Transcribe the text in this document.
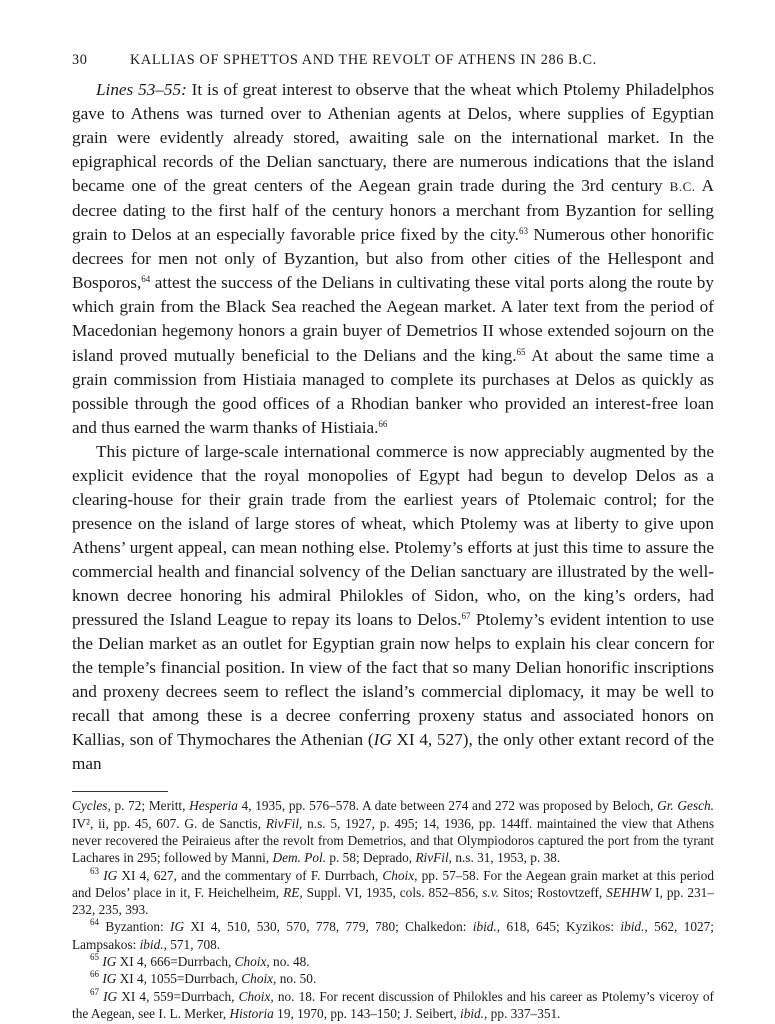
30	KALLIAS OF SPHETTOS AND THE REVOLT OF ATHENS IN 286 B.C.

Lines 53–55: It is of great interest to observe that the wheat which Ptolemy Philadelphos gave to Athens was turned over to Athenian agents at Delos, where supplies of Egyptian grain were evidently already stored, awaiting sale on the international market. In the epigraphical records of the Delian sanctuary, there are numerous indications that the island became one of the great centers of the Aegean grain trade during the 3rd century B.C. A decree dating to the first half of the century honors a merchant from Byzantion for selling grain to Delos at an especially favorable price fixed by the city.$^{63}$ Numerous other honorific decrees for men not only of Byzantion, but also from other cities of the Hellespont and Bosporos,$^{64}$ attest the success of the Delians in cultivating these vital ports along the route by which grain from the Black Sea reached the Aegean market. A later text from the period of Macedonian hegemony honors a grain buyer of Demetrios II whose extended sojourn on the island proved mutually beneficial to the Delians and the king.$^{65}$ At about the same time a grain commission from Histiaia managed to complete its purchases at Delos as quickly as possible through the good offices of a Rhodian banker who provided an interest-free loan and thus earned the warm thanks of Histiaia.$^{66}$

This picture of large-scale international commerce is now appreciably augmented by the explicit evidence that the royal monopolies of Egypt had begun to develop Delos as a clearing-house for their grain trade from the earliest years of Ptolemaic control; for the presence on the island of large stores of wheat, which Ptolemy was at liberty to give upon Athens’ urgent appeal, can mean nothing else. Ptolemy’s efforts at just this time to assure the commercial health and financial solvency of the Delian sanctuary are illustrated by the well-known decree honoring his admiral Philokles of Sidon, who, on the king’s orders, had pressured the Island League to repay its loans to Delos.$^{67}$ Ptolemy’s evident intention to use the Delian market as an outlet for Egyptian grain now helps to explain his clear concern for the temple’s financial position. In view of the fact that so many Delian honorific inscriptions and proxeny decrees seem to reflect the island’s commercial diplomacy, it may be well to recall that among these is a decree conferring proxeny status and associated honors on Kallias, son of Thymochares the Athenian (IG XI 4, 527), the only other extant record of the man

Cycles, p. 72; Meritt, Hesperia 4, 1935, pp. 576–578. A date between 274 and 272 was proposed by Beloch, Gr. Gesch. IV², ii, pp. 45, 607. G. de Sanctis, RivFil, n.s. 5, 1927, p. 495; 14, 1936, pp. 144ff. maintained the view that Athens never recovered the Peiraieus after the revolt from Demetrios, and that Olympiodoros captured the port from the tyrant Lachares in 295; followed by Manni, Dem. Pol. p. 58; Deprado, RivFil, n.s. 31, 1953, p. 38.

$^{63}$ IG XI 4, 627, and the commentary of F. Durrbach, Choix, pp. 57–58. For the Aegean grain market at this period and Delos’ place in it, F. Heichelheim, RE, Suppl. VI, 1935, cols. 852–856, s.v. Sitos; Rostovtzeff, SEHHW I, pp. 231–232, 235, 393.

$^{64}$ Byzantion: IG XI 4, 510, 530, 570, 778, 779, 780; Chalkedon: ibid., 618, 645; Kyzikos: ibid., 562, 1027; Lampsakos: ibid., 571, 708.

$^{65}$ IG XI 4, 666=Durrbach, Choix, no. 48.

$^{66}$ IG XI 4, 1055=Durrbach, Choix, no. 50.

$^{67}$ IG XI 4, 559=Durrbach, Choix, no. 18. For recent discussion of Philokles and his career as Ptolemy’s viceroy of the Aegean, see I. L. Merker, Historia 19, 1970, pp. 143–150; J. Seibert, ibid., pp. 337–351.
